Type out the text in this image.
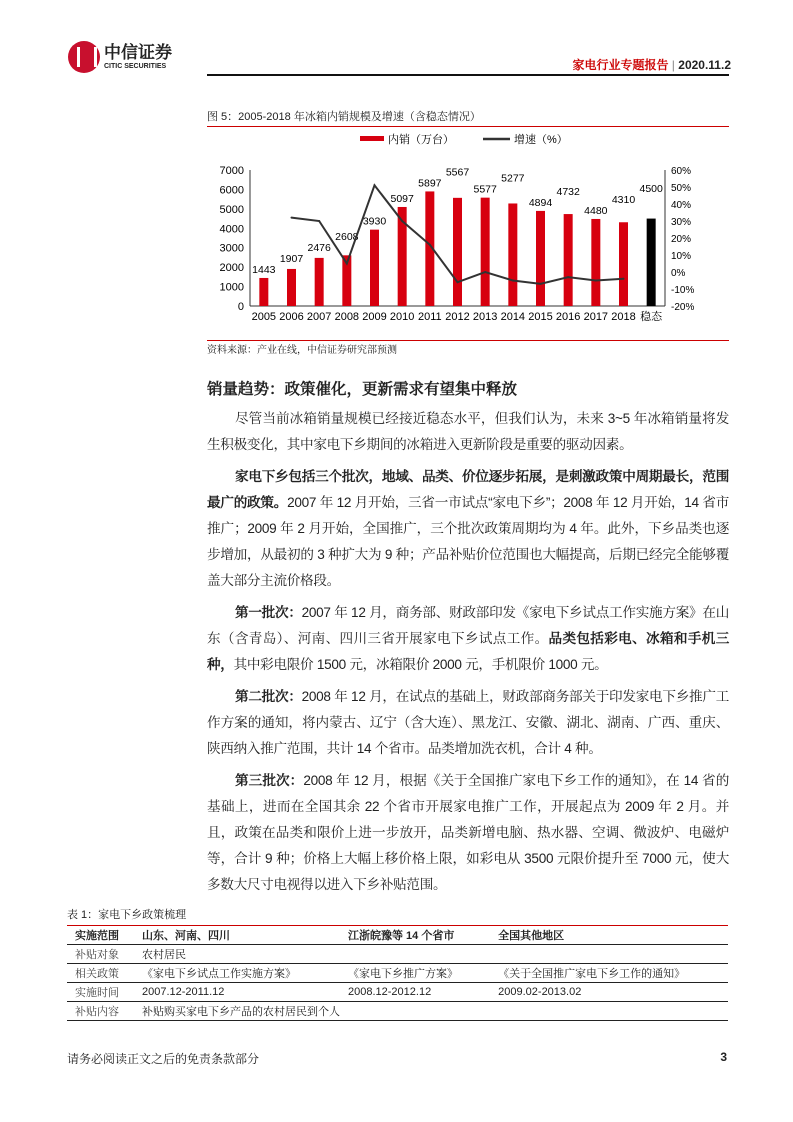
中信证券
CITIC SECURITIES	家电行业专题报告 | 2020.11.2
图 5：2005-2018 年冰箱内销规模及增速（含稳态情况）
0
1000
2000
3000
4000
5000
6000
7000
-20%
-10%
0%
10%
20%
30%
40%
50%
60%
1443
1907
2476
2608
3930
5097
5897
5567
5577
5277
4894
4732
4480
4310
4500
2005 2006 2007 2008 2009 2010 2011 2012 2013 2014 2015 2016 2017 2018 稳态
内销（万台）	增速（%）
资料来源：产业在线，中信证券研究部预测
销量趋势：政策催化，更新需求有望集中释放
尽管当前冰箱销量规模已经接近稳态水平，但我们认为，未来 3~5 年冰箱销量将发生积极变化，其中家电下乡期间的冰箱进入更新阶段是重要的驱动因素。
家电下乡包括三个批次，地域、品类、价位逐步拓展，是刺激政策中周期最长，范围最广的政策。2007 年 12 月开始，三省一市试点“家电下乡”；2008 年 12 月开始，14 省市推广；2009 年 2 月开始，全国推广，三个批次政策周期均为 4 年。此外，下乡品类也逐步增加，从最初的 3 种扩大为 9 种；产品补贴价位范围也大幅提高，后期已经完全能够覆盖大部分主流价格段。
第一批次：2007 年 12 月，商务部、财政部印发《家电下乡试点工作实施方案》在山东（含青岛）、河南、四川三省开展家电下乡试点工作。品类包括彩电、冰箱和手机三种，其中彩电限价 1500 元，冰箱限价 2000 元，手机限价 1000 元。
第二批次：2008 年 12 月，在试点的基础上，财政部商务部关于印发家电下乡推广工作方案的通知，将内蒙古、辽宁（含大连）、黑龙江、安徽、湖北、湖南、广西、重庆、陕西纳入推广范围，共计 14 个省市。品类增加洗衣机，合计 4 种。
第三批次：2008 年 12 月，根据《关于全国推广家电下乡工作的通知》，在 14 省的基础上，进而在全国其余 22 个省市开展家电推广工作，开展起点为 2009 年 2 月。并且，政策在品类和限价上进一步放开，品类新增电脑、热水器、空调、微波炉、电磁炉等，合计 9 种；价格上大幅上移价格上限，如彩电从 3500 元限价提升至 7000 元，使大多数大尺寸电视得以进入下乡补贴范围。
表 1：家电下乡政策梳理
实施范围	山东、河南、四川	江浙皖豫等 14 个省市	全国其他地区
补贴对象	农村居民		
相关政策	《家电下乡试点工作实施方案》	《家电下乡推广方案》	《关于全国推广家电下乡工作的通知》
实施时间	2007.12-2011.12	2008.12-2012.12	2009.02-2013.02
补贴内容	补贴购买家电下乡产品的农村居民到个人		
请务必阅读正文之后的免责条款部分	3
